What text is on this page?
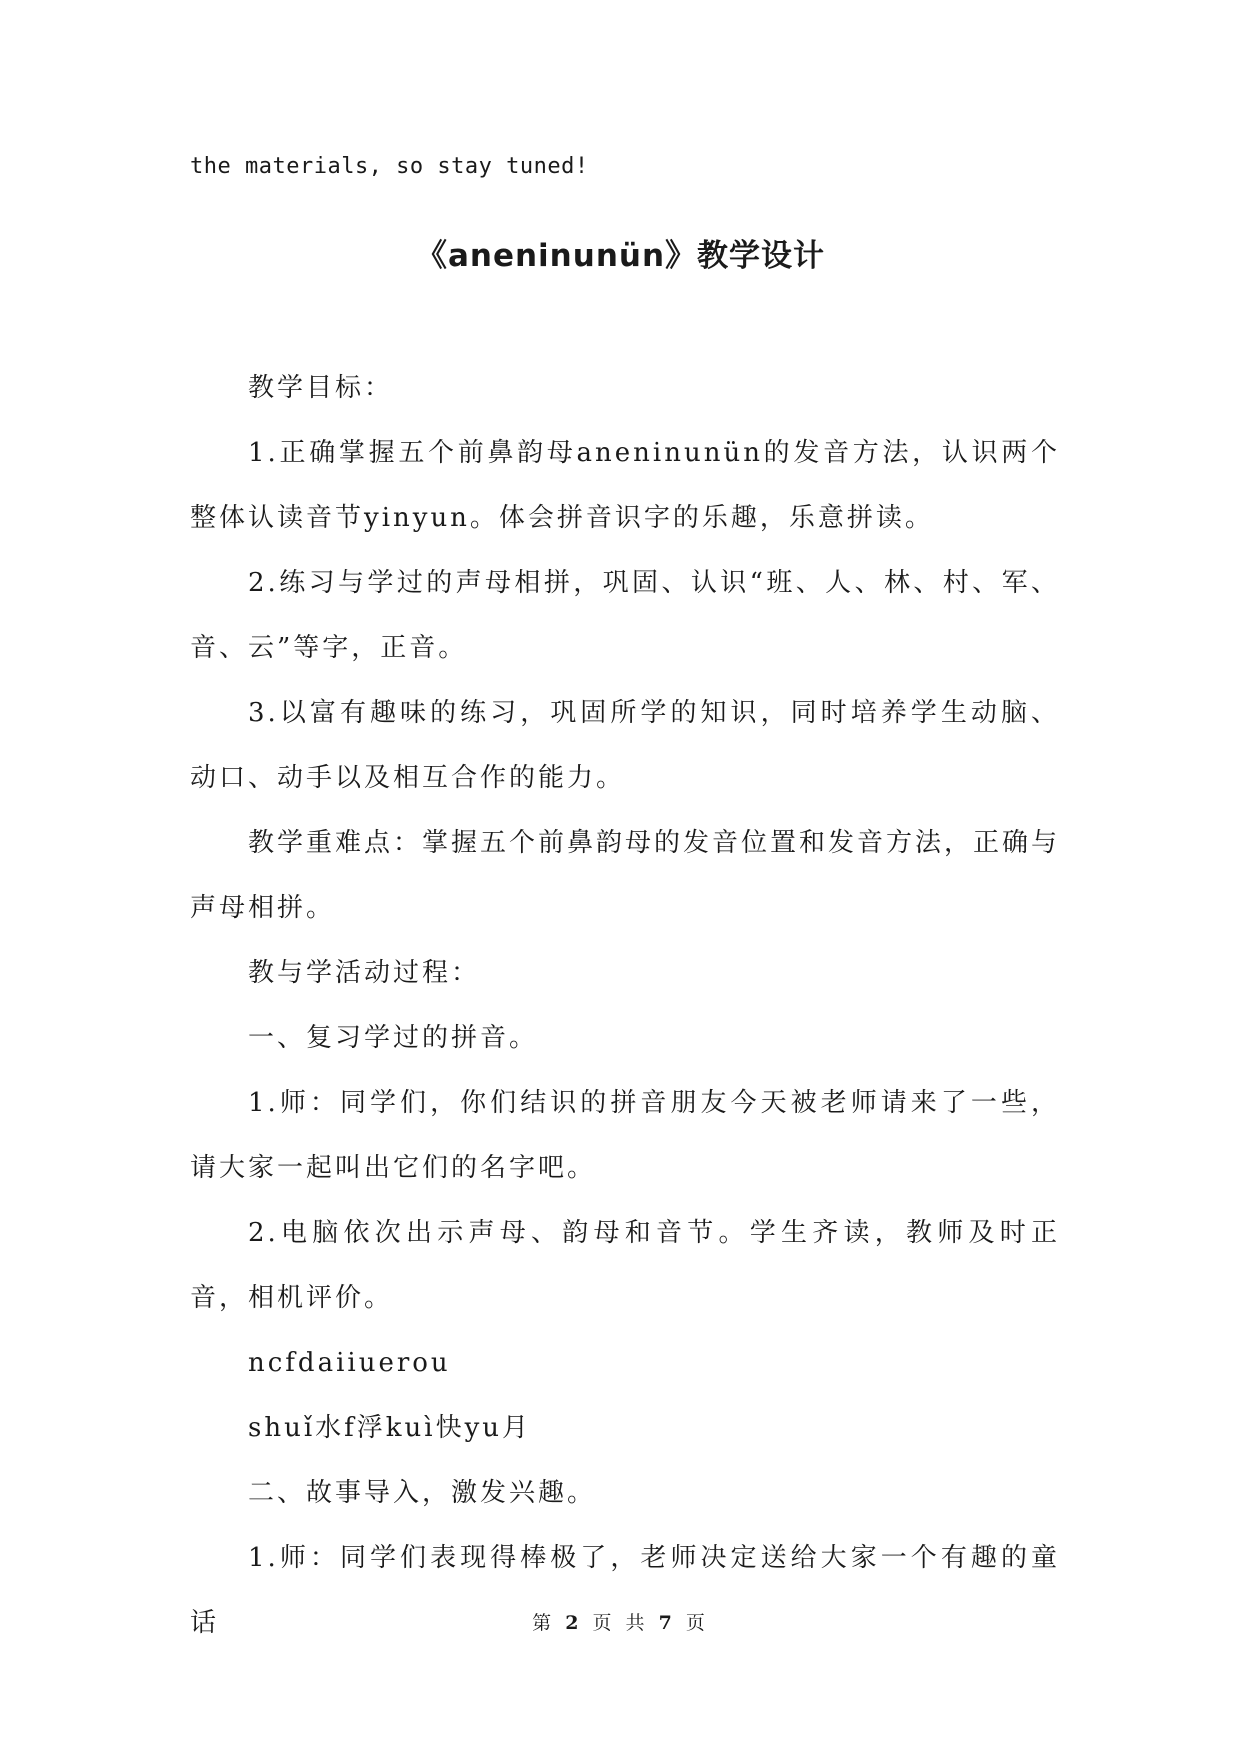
the materials, so stay tuned!
《aneninunün》教学设计

教学目标：

1.正确掌握五个前鼻韵母aneninunün的发音方法，认识两个整体认读音节yinyun。体会拼音识字的乐趣，乐意拼读。

2.练习与学过的声母相拼，巩固、认识“班、人、林、村、军、音、云”等字，正音。

3.以富有趣味的练习，巩固所学的知识，同时培养学生动脑、动口、动手以及相互合作的能力。

教学重难点：掌握五个前鼻韵母的发音位置和发音方法，正确与声母相拼。

教与学活动过程：

一、复习学过的拼音。

1.师：同学们，你们结识的拼音朋友今天被老师请来了一些，请大家一起叫出它们的名字吧。

2.电脑依次出示声母、韵母和音节。学生齐读，教师及时正音，相机评价。

ncfdaiiuerou

shuǐ水f浮kuì快yu月

二、故事导入，激发兴趣。

1.师：同学们表现得棒极了，老师决定送给大家一个有趣的童话	第 2 页 共 7 页
